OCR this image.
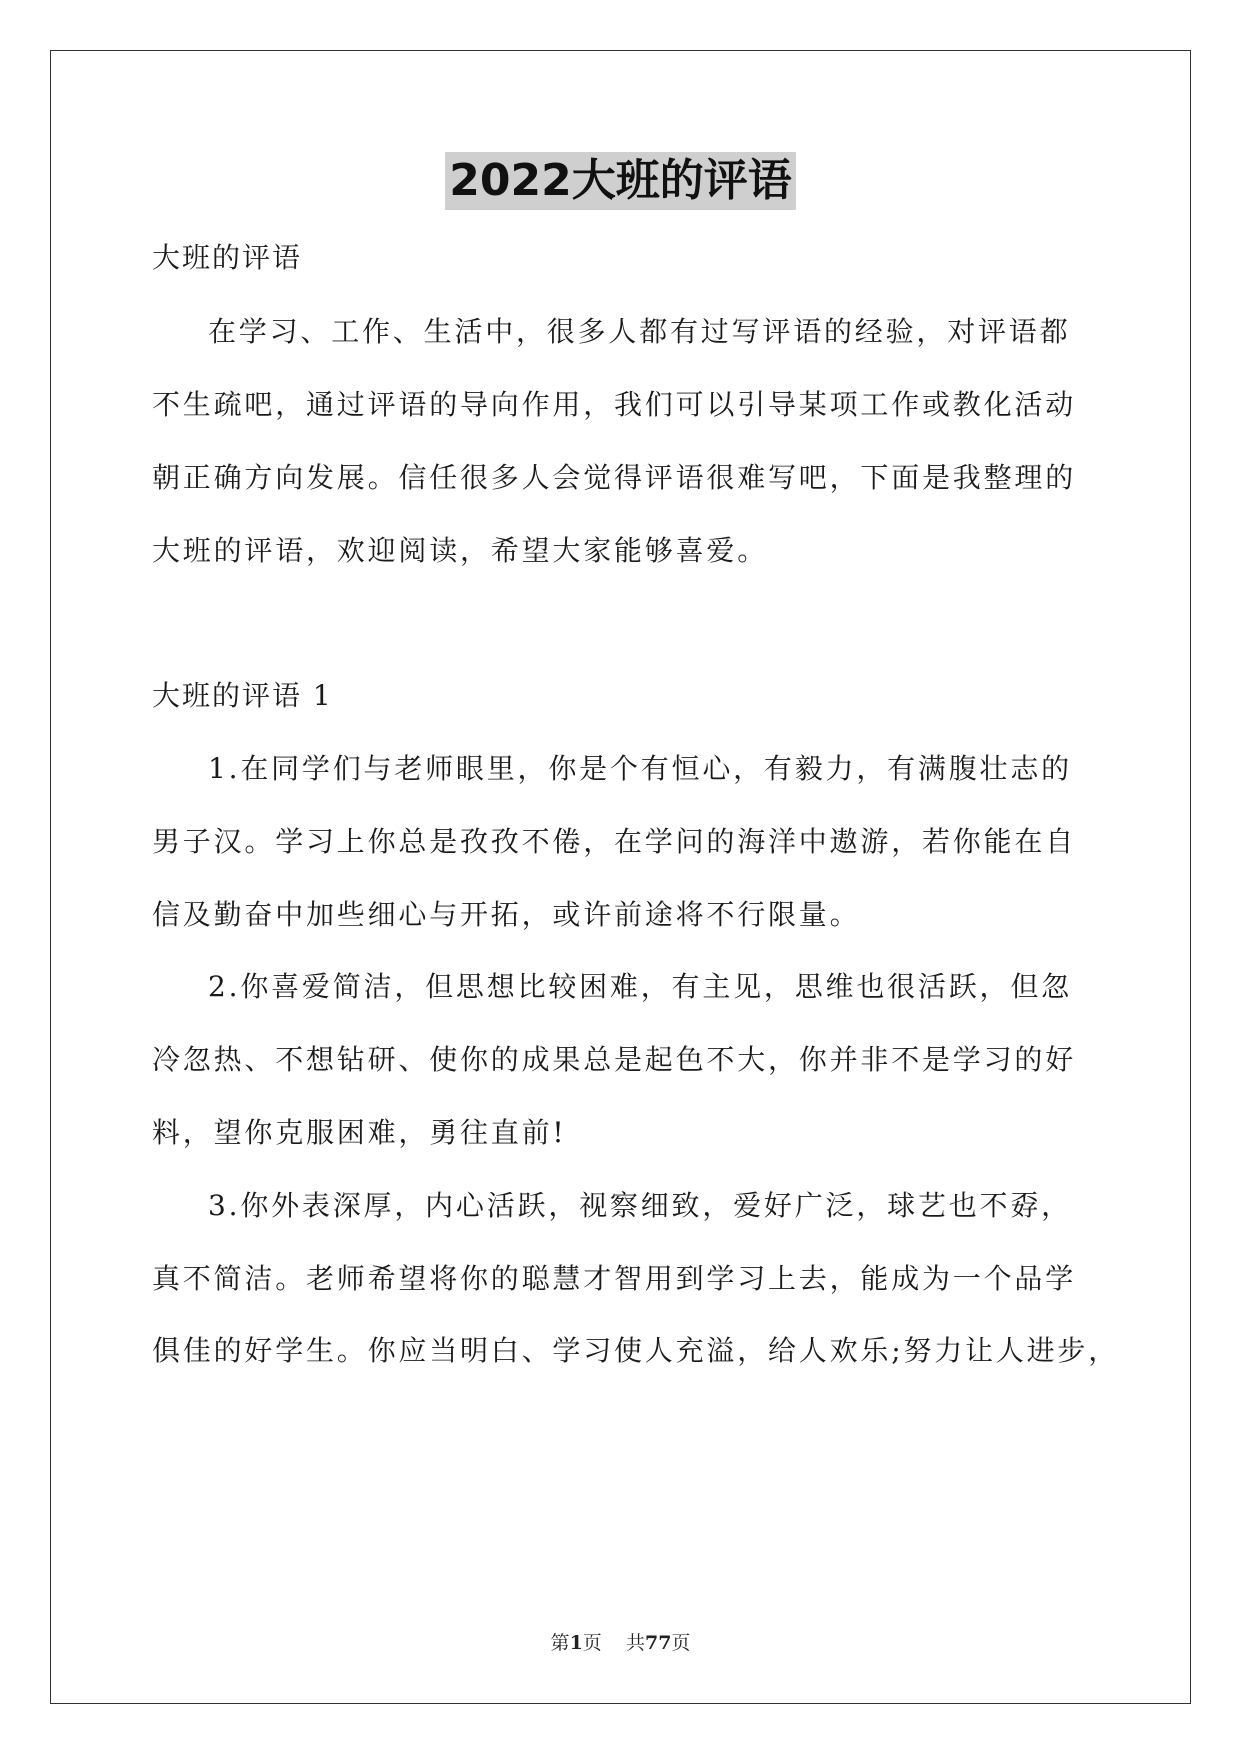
2022大班的评语
大班的评语
在学习、工作、生活中，很多人都有过写评语的经验，对评语都
不生疏吧，通过评语的导向作用，我们可以引导某项工作或教化活动
朝正确方向发展。信任很多人会觉得评语很难写吧，下面是我整理的
大班的评语，欢迎阅读，希望大家能够喜爱。
大班的评语 1
1.在同学们与老师眼里，你是个有恒心，有毅力，有满腹壮志的
男子汉。学习上你总是孜孜不倦，在学问的海洋中遨游，若你能在自
信及勤奋中加些细心与开拓，或许前途将不行限量。
2.你喜爱简洁，但思想比较困难，有主见，思维也很活跃，但忽
冷忽热、不想钻研、使你的成果总是起色不大，你并非不是学习的好
料，望你克服困难，勇往直前!
3.你外表深厚，内心活跃，视察细致，爱好广泛，球艺也不孬，
真不简洁。老师希望将你的聪慧才智用到学习上去，能成为一个品学
俱佳的好学生。你应当明白、学习使人充溢，给人欢乐;努力让人进步，
第1页    共77页
